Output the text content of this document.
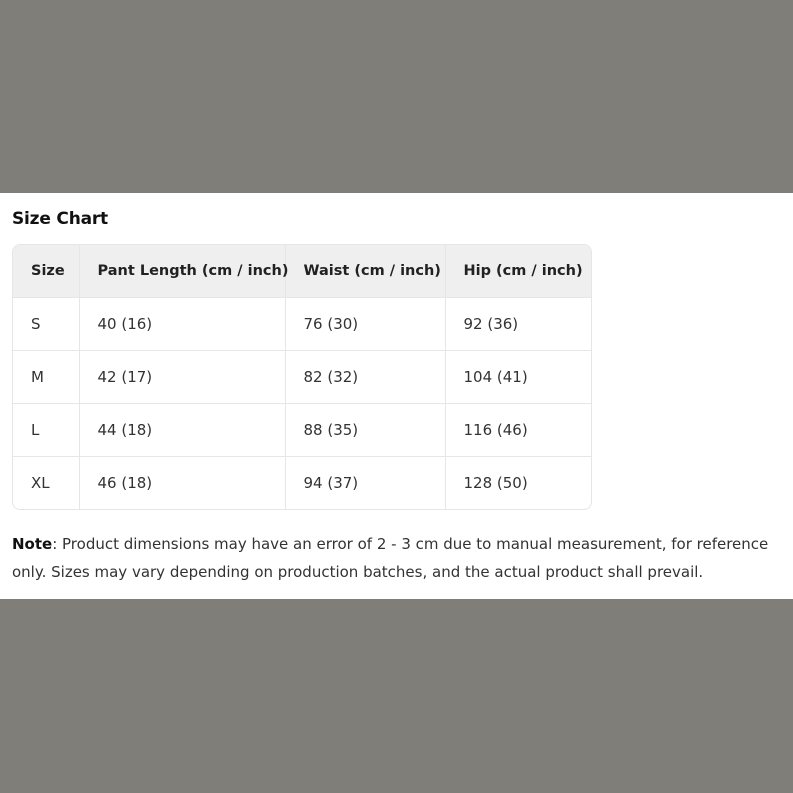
Size Chart
Size	Pant Length (cm / inch)	Waist (cm / inch)	Hip (cm / inch)
S	40 (16)	76 (30)	92 (36)
M	42 (17)	82 (32)	104 (41)
L	44 (18)	88 (35)	116 (46)
XL	46 (18)	94 (37)	128 (50)

Note: Product dimensions may have an error of 2 - 3 cm due to manual measurement, for reference only. Sizes may vary depending on production batches, and the actual product shall prevail.
